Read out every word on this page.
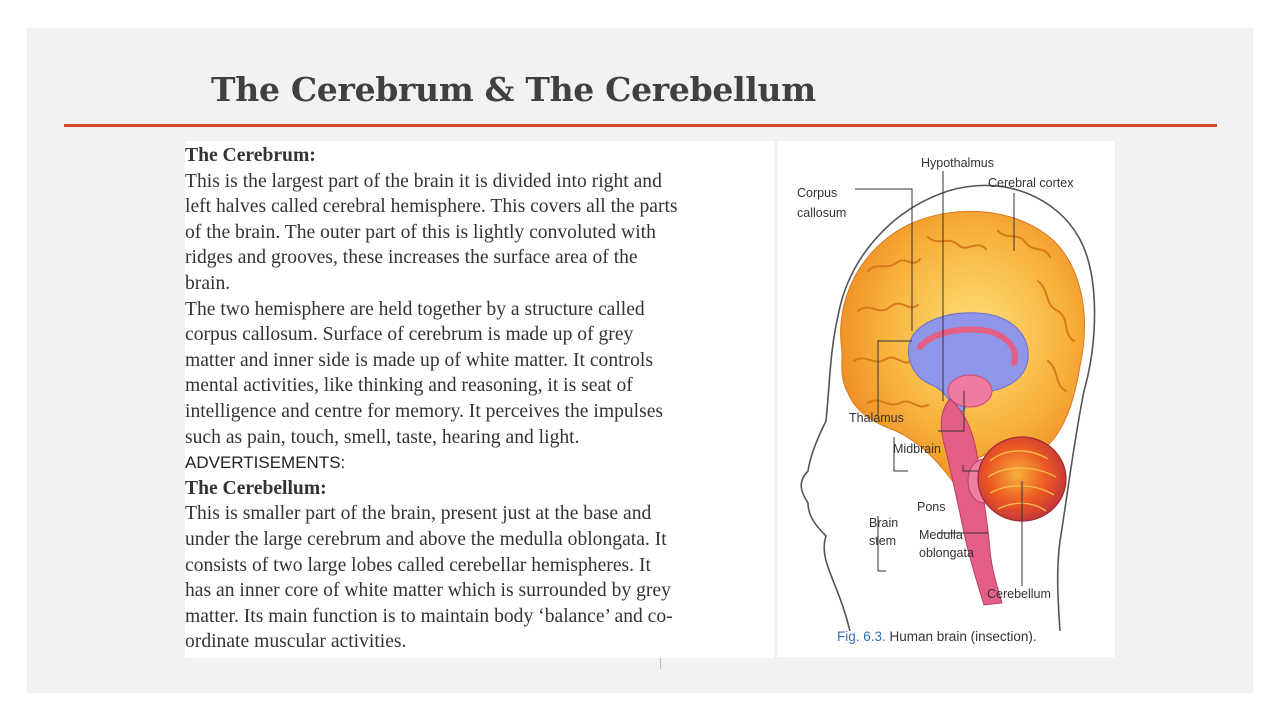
The Cerebrum & The Cerebellum

The Cerebrum:

This is the largest part of the brain it is divided into right and

left halves called cerebral hemisphere. This covers all the parts

of the brain. The outer part of this is lightly convoluted with

ridges and grooves, these increases the surface area of the

brain.

The two hemisphere are held together by a structure called

corpus callosum. Surface of cerebrum is made up of grey

matter and inner side is made up of white matter. It controls

mental activities, like thinking and reasoning, it is seat of

intelligence and centre for memory. It perceives the impulses

such as pain, touch, smell, taste, hearing and light.

ADVERTISEMENTS:

The Cerebellum:

This is smaller part of the brain, present just at the base and

under the large cerebrum and above the medulla oblongata. It

consists of two large lobes called cerebellar hemispheres. It

has an inner core of white matter which is surrounded by grey

matter. Its main function is to maintain body ‘balance’ and co-

ordinate muscular activities.

Hypothalmus
Corpus
callosum
Cerebral cortex
Thalamus
Midbrain
Pons
Brain
stem Medulla
oblongata
Cerebellum
Fig. 6.3. Human brain (insection).
